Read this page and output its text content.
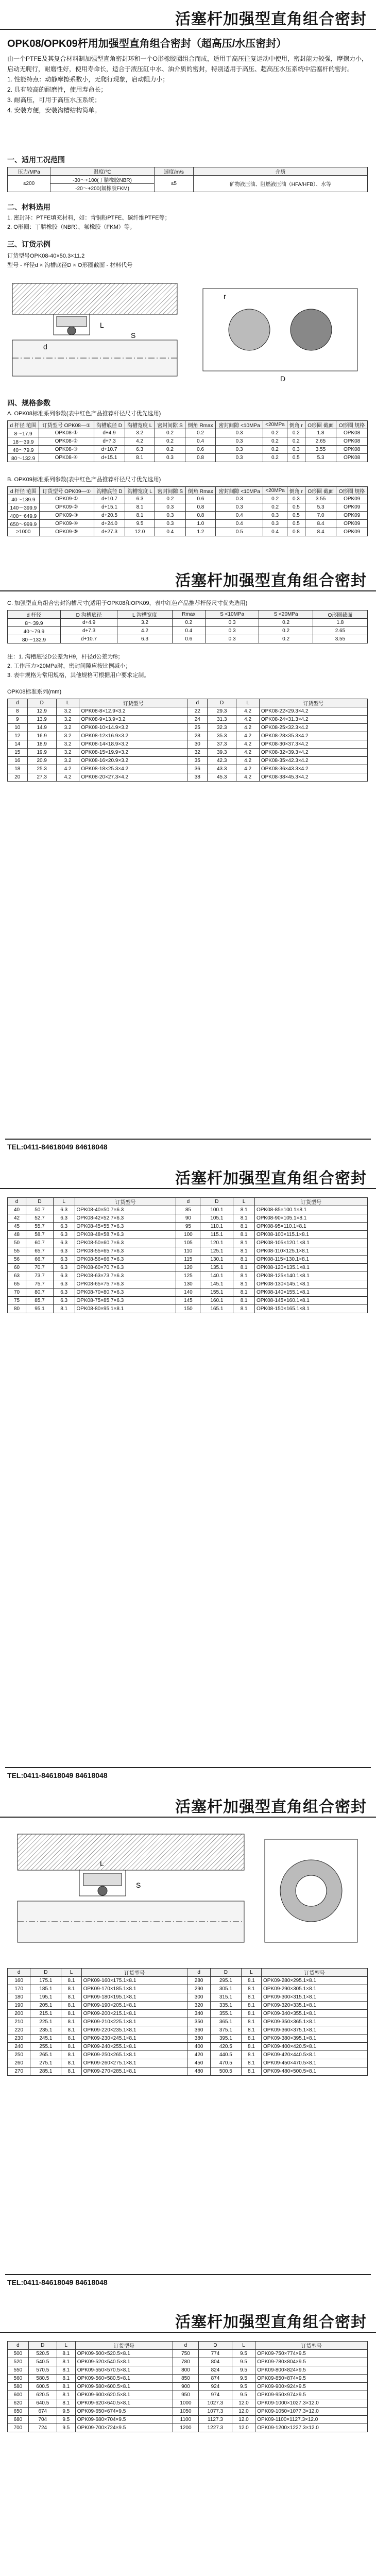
活塞杆加强型直角组合密封
OPK08/OPK09杆用加强型直角组合密封（超高压/水压密封）
由一个PTFE及其复合材料制加强型直角密封环和一个O形橡胶圈组合而成，适用于高压往复运动中使用，密封能力较强，摩擦力小，启动无爬行，耐磨性好，使用寿命长，适合于液压缸中水、油介质的密封，特别适用于高压、超高压水压系统中活塞杆的密封。
1. 性能特点：动静摩擦系数小，无爬行现象，启动阻力小；
2. 具有较高的耐磨性，使用寿命长；
3. 耐高压，可用于高压水压系统；
4. 安装方便，安装沟槽结构简单。
一、适用工况范围
压力/MPa	温度/℃	速度/m/s	介质
≤200	-30～+100(丁腈橡胶NBR)	≤5	矿物液压油、阻燃液压油（HFA/HFB）、水等
	-20～+200(氟橡胶FKM)		
二、材料选用
1. 密封环：PTFE填充材料，如：青铜粉PTFE、碳纤维PTFE等；
2. O形圈：丁腈橡胶（NBR）、氟橡胶（FKM）等。
三、订货示例
订货型号OPK08-40×50.3×11.2
型号 - 杆径d × 沟槽底径D × O形圈截面 - 材料代号
d
L
S
D
r
四、规格参数
A. OPK08标准系列参数(表中红色产品推荐杆径尺寸优先选用)
d 杆径 范围	订货型号 OPK08—①	沟槽底径 D	沟槽宽度 L	密封间隙 S	倒角 Rmax	密封间隙 <10MPa	<20MPa	倒角 r	O形圈 截面	O形圈 规格
8～17.9	OPK08-①	d+4.9	3.2	0.2	0.2	0.3	0.2	0.2	1.8	OPK08
18～39.9	OPK08-②	d+7.3	4.2	0.2	0.4	0.3	0.2	0.2	2.65	OPK08
40～79.9	OPK08-③	d+10.7	6.3	0.2	0.6	0.3	0.2	0.3	3.55	OPK08
80～132.9	OPK08-④	d+15.1	8.1	0.3	0.8	0.3	0.2	0.5	5.3	OPK08
B. OPK09标准系列参数(表中红色产品推荐杆径尺寸优先选用)
d 杆径 范围	订货型号 OPK09—①	沟槽底径 D	沟槽宽度 L	密封间隙 S	倒角 Rmax	密封间隙 <10MPa	<20MPa	倒角 r	O形圈 截面	O形圈 规格
40～139.9	OPK09-①	d+10.7	6.3	0.2	0.6	0.3	0.2	0.3	3.55	OPK09
140～399.9	OPK09-②	d+15.1	8.1	0.3	0.8	0.3	0.2	0.5	5.3	OPK09
400～649.9	OPK09-③	d+20.5	8.1	0.3	0.8	0.4	0.3	0.5	7.0	OPK09
650～999.9	OPK09-④	d+24.0	9.5	0.3	1.0	0.4	0.3	0.5	8.4	OPK09
≥1000	OPK09-⑤	d+27.3	12.0	0.4	1.2	0.5	0.4	0.8	8.4	OPK09
活塞杆加强型直角组合密封
C. 加强型直角组合密封沟槽尺寸(适用于OPK08和OPK09，表中红色产品推荐杆径尺寸优先选用)
d 杆径	D 沟槽底径	L 沟槽宽度	Rmax	S <10MPa	S <20MPa	O形圈截面
8～39.9	d+4.9	3.2	0.2	0.3	0.2	1.8
40～79.9	d+7.3	4.2	0.4	0.3	0.2	2.65
80～132.9	d+10.7	6.3	0.6	0.3	0.2	3.55
注：1. 沟槽底径D公差为H9，杆径d公差为f8；
2. 工作压力>20MPa时，密封间隙应按比例减小；
3. 表中规格为常用规格，其他规格可根据用户要求定制。
OPK08标准系列(mm)
d	D	L	订货型号	d	D	L	订货型号
8	12.9	3.2	OPK08-8×12.9×3.2	22	29.3	4.2	OPK08-22×29.3×4.2
9	13.9	3.2	OPK08-9×13.9×3.2	24	31.3	4.2	OPK08-24×31.3×4.2
10	14.9	3.2	OPK08-10×14.9×3.2	25	32.3	4.2	OPK08-25×32.3×4.2
12	16.9	3.2	OPK08-12×16.9×3.2	28	35.3	4.2	OPK08-28×35.3×4.2
14	18.9	3.2	OPK08-14×18.9×3.2	30	37.3	4.2	OPK08-30×37.3×4.2
15	19.9	3.2	OPK08-15×19.9×3.2	32	39.3	4.2	OPK08-32×39.3×4.2
16	20.9	3.2	OPK08-16×20.9×3.2	35	42.3	4.2	OPK08-35×42.3×4.2
18	25.3	4.2	OPK08-18×25.3×4.2	36	43.3	4.2	OPK08-36×43.3×4.2
20	27.3	4.2	OPK08-20×27.3×4.2	38	45.3	4.2	OPK08-38×45.3×4.2
TEL:0411-84618049 84618048
活塞杆加强型直角组合密封
d	D	L	订货型号	d	D	L	订货型号
40	50.7	6.3	OPK08-40×50.7×6.3	85	100.1	8.1	OPK08-85×100.1×8.1
42	52.7	6.3	OPK08-42×52.7×6.3	90	105.1	8.1	OPK08-90×105.1×8.1
45	55.7	6.3	OPK08-45×55.7×6.3	95	110.1	8.1	OPK08-95×110.1×8.1
48	58.7	6.3	OPK08-48×58.7×6.3	100	115.1	8.1	OPK08-100×115.1×8.1
50	60.7	6.3	OPK08-50×60.7×6.3	105	120.1	8.1	OPK08-105×120.1×8.1
55	65.7	6.3	OPK08-55×65.7×6.3	110	125.1	8.1	OPK08-110×125.1×8.1
56	66.7	6.3	OPK08-56×66.7×6.3	115	130.1	8.1	OPK08-115×130.1×8.1
60	70.7	6.3	OPK08-60×70.7×6.3	120	135.1	8.1	OPK08-120×135.1×8.1
63	73.7	6.3	OPK08-63×73.7×6.3	125	140.1	8.1	OPK08-125×140.1×8.1
65	75.7	6.3	OPK08-65×75.7×6.3	130	145.1	8.1	OPK08-130×145.1×8.1
70	80.7	6.3	OPK08-70×80.7×6.3	140	155.1	8.1	OPK08-140×155.1×8.1
75	85.7	6.3	OPK08-75×85.7×6.3	145	160.1	8.1	OPK08-145×160.1×8.1
80	95.1	8.1	OPK08-80×95.1×8.1	150	165.1	8.1	OPK08-150×165.1×8.1
TEL:0411-84618049 84618048
活塞杆加强型直角组合密封
S
L
d	D	L	订货型号	d	D	L	订货型号
160	175.1	8.1	OPK09-160×175.1×8.1	280	295.1	8.1	OPK09-280×295.1×8.1
170	185.1	8.1	OPK09-170×185.1×8.1	290	305.1	8.1	OPK09-290×305.1×8.1
180	195.1	8.1	OPK09-180×195.1×8.1	300	315.1	8.1	OPK09-300×315.1×8.1
190	205.1	8.1	OPK09-190×205.1×8.1	320	335.1	8.1	OPK09-320×335.1×8.1
200	215.1	8.1	OPK09-200×215.1×8.1	340	355.1	8.1	OPK09-340×355.1×8.1
210	225.1	8.1	OPK09-210×225.1×8.1	350	365.1	8.1	OPK09-350×365.1×8.1
220	235.1	8.1	OPK09-220×235.1×8.1	360	375.1	8.1	OPK09-360×375.1×8.1
230	245.1	8.1	OPK09-230×245.1×8.1	380	395.1	8.1	OPK09-380×395.1×8.1
240	255.1	8.1	OPK09-240×255.1×8.1	400	420.5	8.1	OPK09-400×420.5×8.1
250	265.1	8.1	OPK09-250×265.1×8.1	420	440.5	8.1	OPK09-420×440.5×8.1
260	275.1	8.1	OPK09-260×275.1×8.1	450	470.5	8.1	OPK09-450×470.5×8.1
270	285.1	8.1	OPK09-270×285.1×8.1	480	500.5	8.1	OPK09-480×500.5×8.1
TEL:0411-84618049 84618048
活塞杆加强型直角组合密封
d	D	L	订货型号	d	D	L	订货型号
500	520.5	8.1	OPK09-500×520.5×8.1	750	774	9.5	OPK09-750×774×9.5
520	540.5	8.1	OPK09-520×540.5×8.1	780	804	9.5	OPK09-780×804×9.5
550	570.5	8.1	OPK09-550×570.5×8.1	800	824	9.5	OPK09-800×824×9.5
560	580.5	8.1	OPK09-560×580.5×8.1	850	874	9.5	OPK09-850×874×9.5
580	600.5	8.1	OPK09-580×600.5×8.1	900	924	9.5	OPK09-900×924×9.5
600	620.5	8.1	OPK09-600×620.5×8.1	950	974	9.5	OPK09-950×974×9.5
620	640.5	8.1	OPK09-620×640.5×8.1	1000	1027.3	12.0	OPK09-1000×1027.3×12.0
650	674	9.5	OPK09-650×674×9.5	1050	1077.3	12.0	OPK09-1050×1077.3×12.0
680	704	9.5	OPK09-680×704×9.5	1100	1127.3	12.0	OPK09-1100×1127.3×12.0
700	724	9.5	OPK09-700×724×9.5	1200	1227.3	12.0	OPK09-1200×1227.3×12.0
